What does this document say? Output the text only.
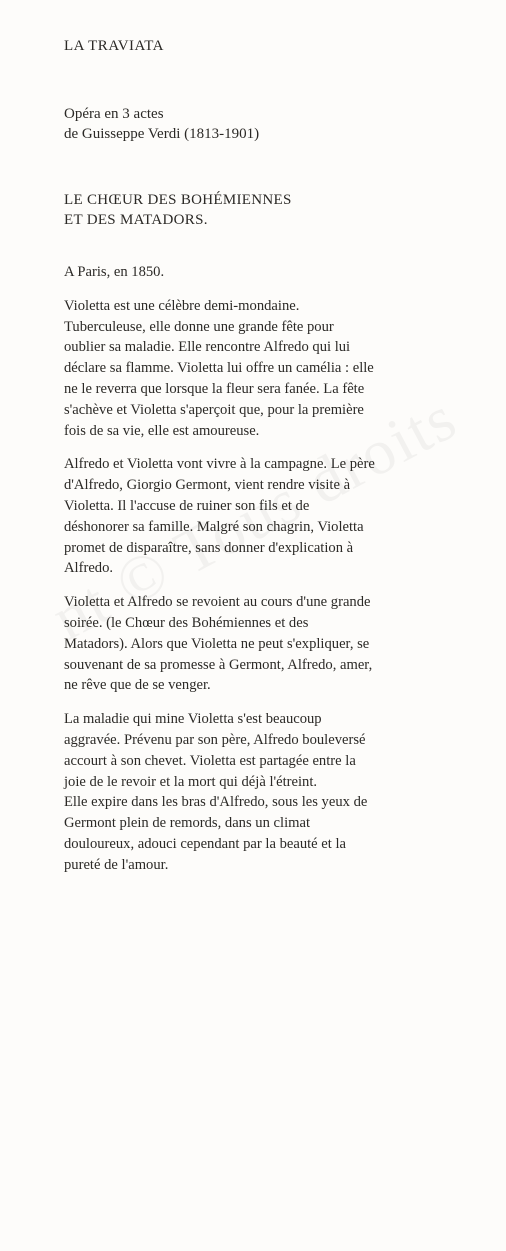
LA TRAVIATA
Opéra en 3 actes
de Guisseppe Verdi (1813-1901)
LE CHŒUR DES BOHÉMIENNES
ET DES MATADORS.

A Paris, en 1850.

Violetta est une célèbre demi-mondaine.
Tuberculeuse, elle donne une grande fête pour
oublier sa maladie. Elle rencontre Alfredo qui lui
déclare sa flamme. Violetta lui offre un camélia : elle
ne le reverra que lorsque la fleur sera fanée. La fête
s'achève et Violetta s'aperçoit que, pour la première
fois de sa vie, elle est amoureuse.

Alfredo et Violetta vont vivre à la campagne. Le père
d'Alfredo, Giorgio Germont, vient rendre visite à
Violetta. Il l'accuse de ruiner son fils et de
déshonorer sa famille. Malgré son chagrin, Violetta
promet de disparaître, sans donner d'explication à
Alfredo.

Violetta et Alfredo se revoient au cours d'une grande
soirée. (le Chœur des Bohémiennes et des
Matadors). Alors que Violetta ne peut s'expliquer, se
souvenant de sa promesse à Germont, Alfredo, amer,
ne rêve que de se venger.

La maladie qui mine Violetta s'est beaucoup
aggravée. Prévenu par son père, Alfredo bouleversé
accourt à son chevet. Violetta est partagée entre la
joie de le revoir et la mort qui déjà l'étreint.
Elle expire dans les bras d'Alfredo, sous les yeux de
Germont plein de remords, dans un climat
douloureux, adouci cependant par la beauté et la
pureté de l'amour.
